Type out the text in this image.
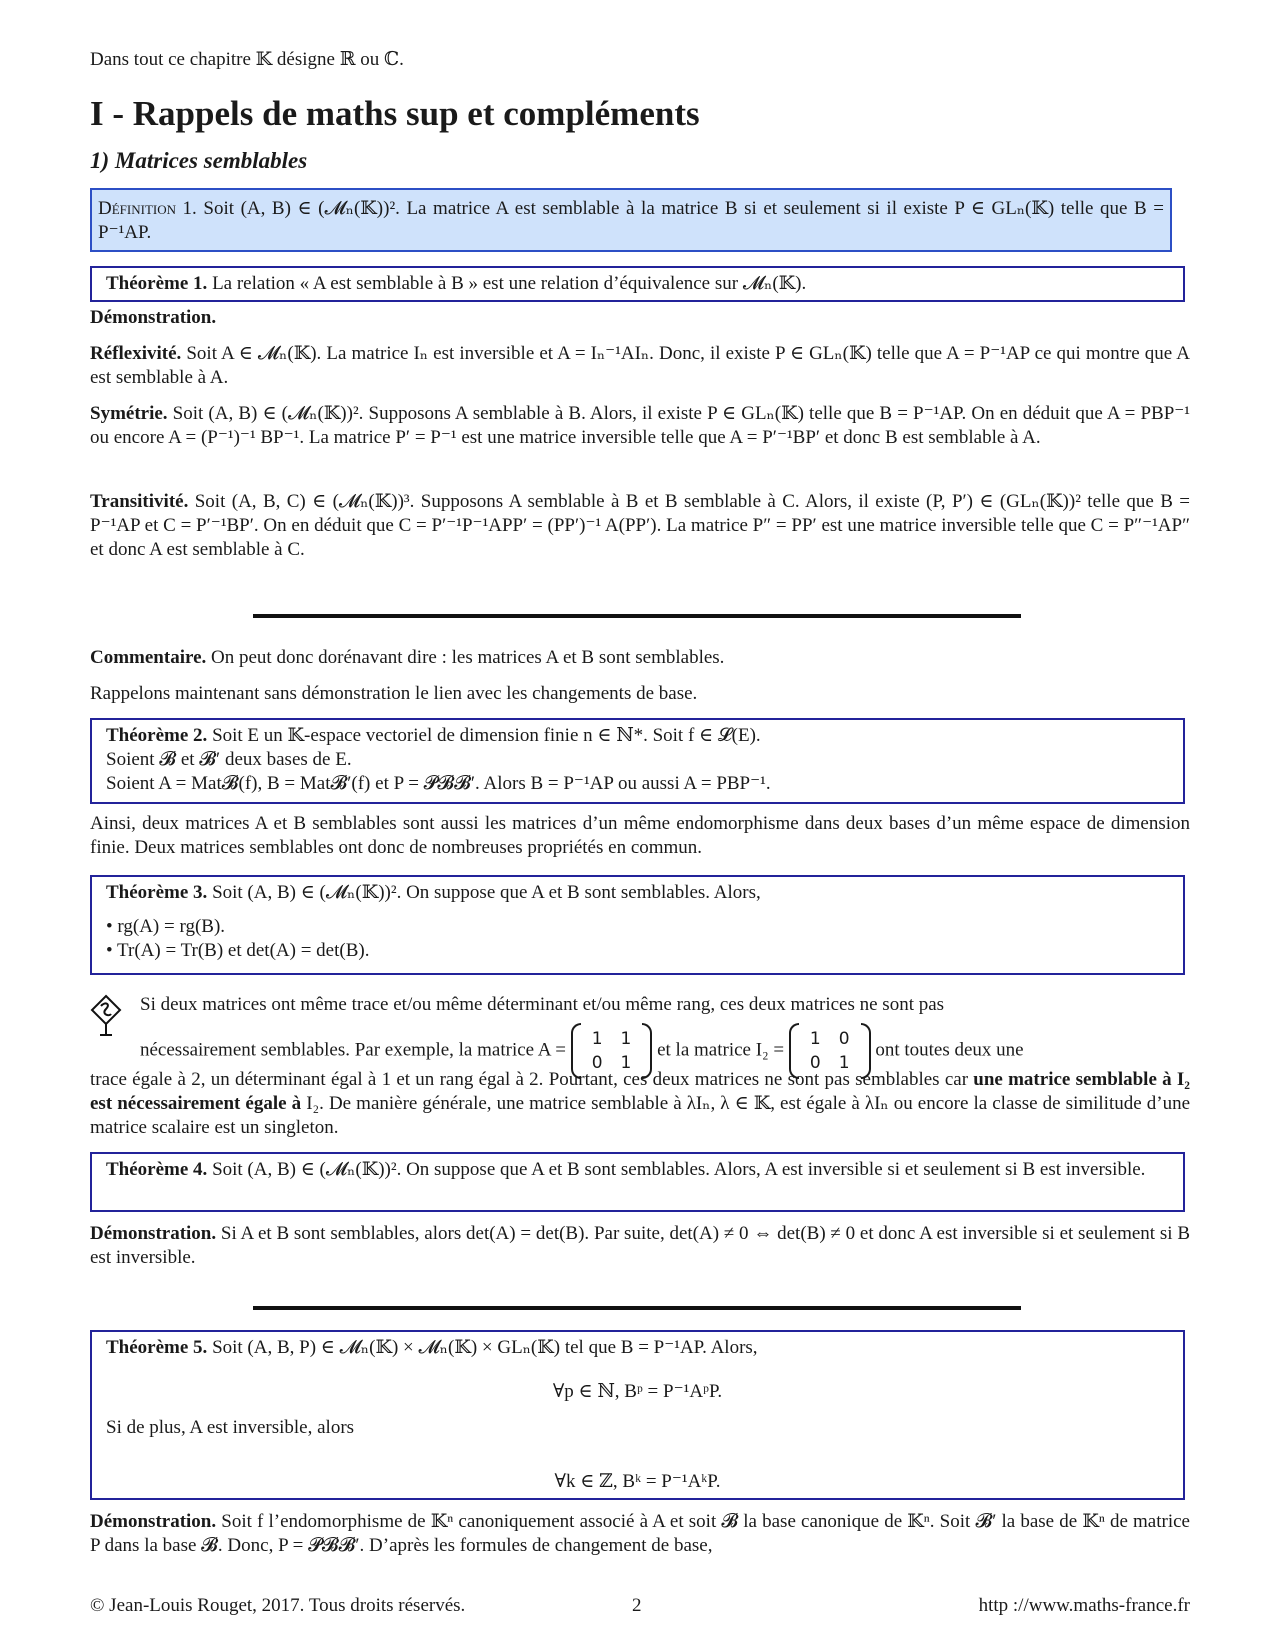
Dans tout ce chapitre 𝕂 désigne ℝ ou ℂ.

I - Rappels de maths sup et compléments
1) Matrices semblables

Définition 1. Soit (A, B) ∈ (𝓜ₙ(𝕂))². La matrice A est semblable à la matrice B si et seulement si il existe P ∈ GLₙ(𝕂) telle que B = P⁻¹AP.

Théorème 1. La relation « A est semblable à B » est une relation d’équivalence sur 𝓜ₙ(𝕂).

Démonstration.

Réflexivité. Soit A ∈ 𝓜ₙ(𝕂). La matrice Iₙ est inversible et A = Iₙ⁻¹AIₙ. Donc, il existe P ∈ GLₙ(𝕂) telle que A = P⁻¹AP ce qui montre que A est semblable à A.

Symétrie. Soit (A, B) ∈ (𝓜ₙ(𝕂))². Supposons A semblable à B. Alors, il existe P ∈ GLₙ(𝕂) telle que B = P⁻¹AP. On en déduit que A = PBP⁻¹ ou encore A = (P⁻¹)⁻¹ BP⁻¹. La matrice P′ = P⁻¹ est une matrice inversible telle que A = P′⁻¹BP′ et donc B est semblable à A.

Transitivité. Soit (A, B, C) ∈ (𝓜ₙ(𝕂))³. Supposons A semblable à B et B semblable à C. Alors, il existe (P, P′) ∈ (GLₙ(𝕂))² telle que B = P⁻¹AP et C = P′⁻¹BP′. On en déduit que C = P′⁻¹P⁻¹APP′ = (PP′)⁻¹ A(PP′). La matrice P″ = PP′ est une matrice inversible telle que C = P″⁻¹AP″ et donc A est semblable à C.

Commentaire. On peut donc dorénavant dire : les matrices A et B sont semblables.

Rappelons maintenant sans démonstration le lien avec les changements de base.

Théorème 2. Soit E un 𝕂-espace vectoriel de dimension finie n ∈ ℕ*. Soit f ∈ 𝓛(E).

Soient 𝓑 et 𝓑′ deux bases de E.

Soient A = Mat𝓑(f), B = Mat𝓑′(f) et P = 𝓟𝓑𝓑′. Alors B = P⁻¹AP ou aussi A = PBP⁻¹.

Ainsi, deux matrices A et B semblables sont aussi les matrices d’un même endomorphisme dans deux bases d’un même espace de dimension finie. Deux matrices semblables ont donc de nombreuses propriétés en commun.

Théorème 3. Soit (A, B) ∈ (𝓜ₙ(𝕂))². On suppose que A et B sont semblables. Alors,

• rg(A) = rg(B).

• Tr(A) = Tr(B) et det(A) = det(B).

Si deux matrices ont même trace et/ou même déterminant et/ou même rang, ces deux matrices ne sont pas

nécessairement semblables. Par exemple, la matrice A =
1	1
0	1
et la matrice I₂ =
1	0
0	1
ont toutes deux une

trace égale à 2, un déterminant égal à 1 et un rang égal à 2. Pourtant, ces deux matrices ne sont pas semblables car une matrice semblable à I₂ est nécessairement égale à I₂. De manière générale, une matrice semblable à λIₙ, λ ∈ 𝕂, est égale à λIₙ ou encore la classe de similitude d’une matrice scalaire est un singleton.

Théorème 4. Soit (A, B) ∈ (𝓜ₙ(𝕂))². On suppose que A et B sont semblables. Alors, A est inversible si et seulement si B est inversible.

Démonstration. Si A et B sont semblables, alors det(A) = det(B). Par suite, det(A) ≠ 0 ⇔ det(B) ≠ 0 et donc A est inversible si et seulement si B est inversible.

Théorème 5. Soit (A, B, P) ∈ 𝓜ₙ(𝕂) × 𝓜ₙ(𝕂) × GLₙ(𝕂) tel que B = P⁻¹AP. Alors,

∀p ∈ ℕ, Bᵖ = P⁻¹AᵖP.

Si de plus, A est inversible, alors

∀k ∈ ℤ, Bᵏ = P⁻¹AᵏP.

Démonstration. Soit f l’endomorphisme de 𝕂ⁿ canoniquement associé à A et soit 𝓑 la base canonique de 𝕂ⁿ. Soit 𝓑′ la base de 𝕂ⁿ de matrice P dans la base 𝓑. Donc, P = 𝓟𝓑𝓑′. D’après les formules de changement de base,

© Jean-Louis Rouget, 2017. Tous droits réservés.	2	http ://www.maths-france.fr
